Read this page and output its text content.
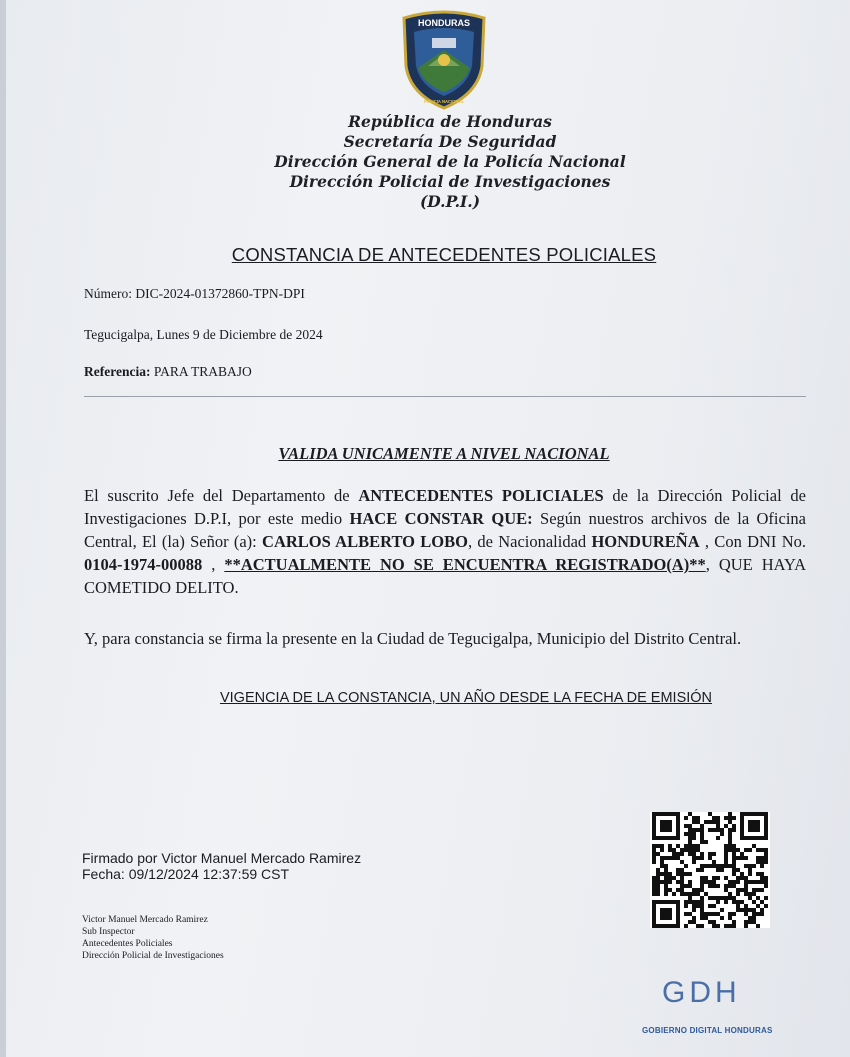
HONDURAS
POLICIA NACIONAL
República de Honduras
Secretaría De Seguridad
Dirección General de la Policía Nacional
Dirección Policial de Investigaciones
(D.P.I.)
CONSTANCIA DE ANTECEDENTES POLICIALES
Número: DIC-2024-01372860-TPN-DPI
Tegucigalpa, Lunes 9 de Diciembre de 2024
Referencia: PARA TRABAJO
VALIDA UNICAMENTE A NIVEL NACIONAL
El suscrito Jefe del Departamento de ANTECEDENTES POLICIALES de la Dirección Policial de Investigaciones D.P.I, por este medio HACE CONSTAR QUE: Según nuestros archivos de la Oficina Central, El (la) Señor (a): CARLOS ALBERTO LOBO, de Nacionalidad HONDUREÑA , Con DNI No. 0104-1974-00088 , **ACTUALMENTE NO SE ENCUENTRA REGISTRADO(A)**, QUE HAYA COMETIDO DELITO.
Y, para constancia se firma la presente en la Ciudad de Tegucigalpa, Municipio del Distrito Central.
VIGENCIA DE LA CONSTANCIA, UN AÑO DESDE LA FECHA DE EMISIÓN
Firmado por Victor Manuel Mercado Ramirez
Fecha: 09/12/2024 12:37:59 CST
Victor Manuel Mercado Ramirez
Sub Inspector
Antecedentes Policiales
Dirección Policial de Investigaciones
GDH
GOBIERNO DIGITAL HONDURAS
